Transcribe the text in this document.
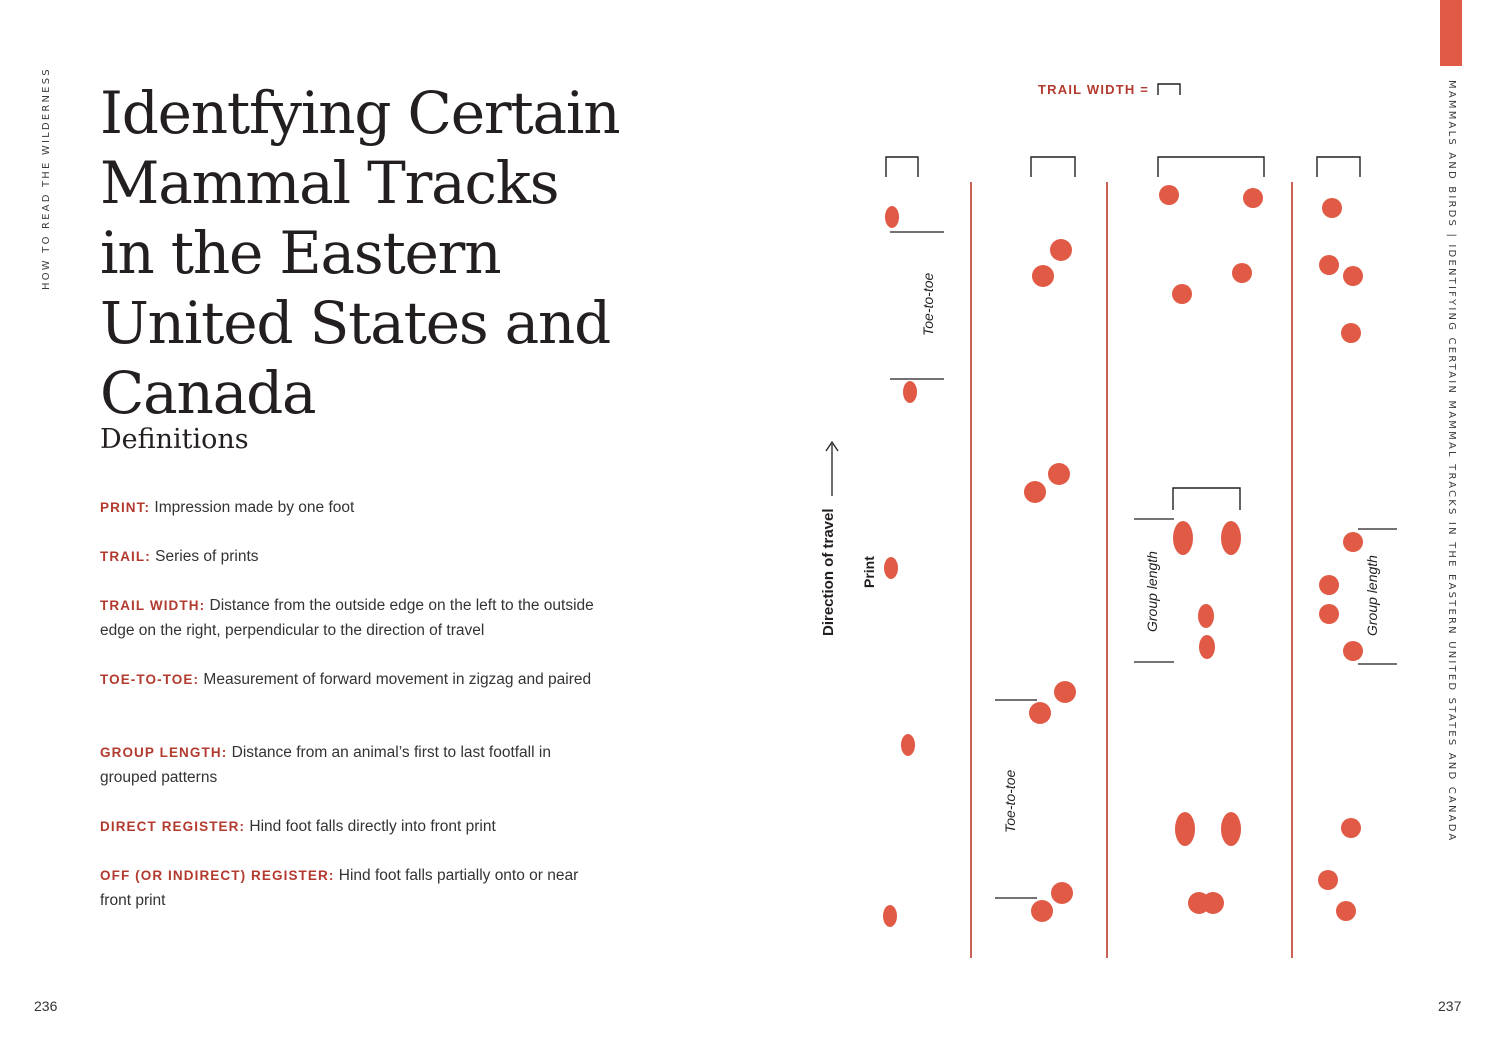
HOW TO READ THE WILDERNESS	MAMMALS AND BIRDS | IDENTIFYING CERTAIN MAMMAL TRACKS IN THE EASTERN UNITED STATES AND CANADA
Identfying Certain Mammal Tracks in the Eastern United States and Canada
Definitions
PRINT: Impression made by one foot
TRAIL: Series of prints
TRAIL WIDTH: Distance from the outside edge on the left to the outside edge on the right, perpendicular to the direction of travel
TOE-TO-TOE: Measurement of forward movement in zigzag and paired
GROUP LENGTH: Distance from an animal’s first to last footfall in grouped patterns
DIRECT REGISTER: Hind foot falls directly into front print
OFF (OR INDIRECT) REGISTER: Hind foot falls partially onto or near front print
236	237
TRAIL WIDTH =
Direction of travel Print
Toe-to-toe
Toe-to-toe
Group length	Group length
